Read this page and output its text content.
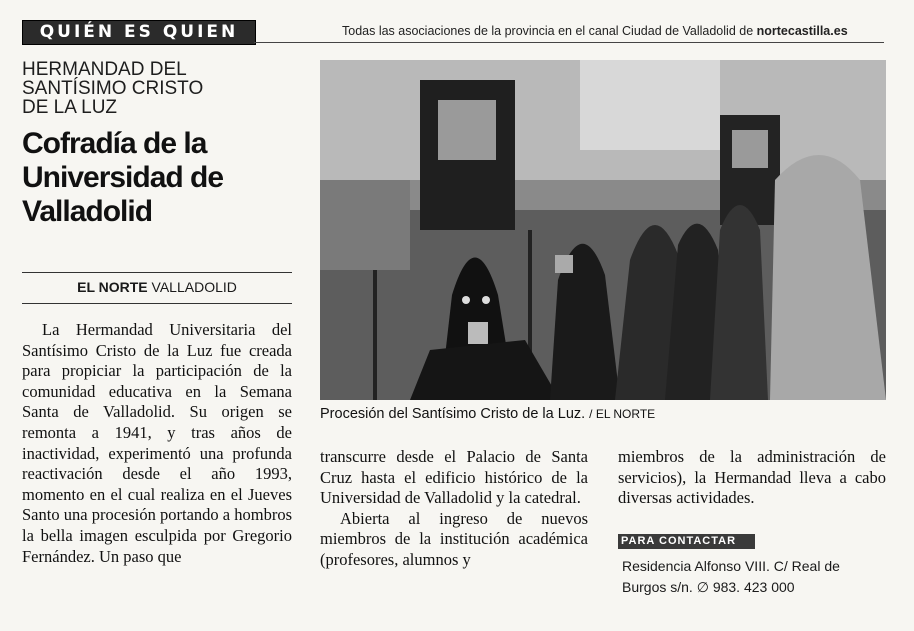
QUIÉN ES QUIEN	Todas las asociaciones de la provincia en el canal Ciudad de Valladolid de nortecastilla.es
HERMANDAD DEL
SANTÍSIMO CRISTO
DE LA LUZ
Cofradía de la
Universidad de
Valladolid
EL NORTE VALLADOLID
La Hermandad Universitaria del Santísimo Cristo de la Luz fue creada para propiciar la participación de la comunidad educativa en la Semana Santa de Valladolid. Su origen se remonta a 1941, y tras años de inactividad, experimentó una profunda reactivación desde el año 1993, momento en el cual realiza en el Jueves Santo una procesión portando a hombros la bella imagen esculpida por Gregorio Fernández. Un paso que
Procesión del Santísimo Cristo de la Luz. / EL NORTE
transcurre desde el Palacio de Santa Cruz hasta el edificio histórico de la Universidad de Valladolid y la catedral.
Abierta al ingreso de nuevos miembros de la institución académica (profesores, alumnos y
miembros de la administración de servicios), la Hermandad lleva a cabo diversas actividades.
PARA CONTACTAR
Residencia Alfonso VIII. C/ Real de Burgos s/n. ∅ 983. 423 000
